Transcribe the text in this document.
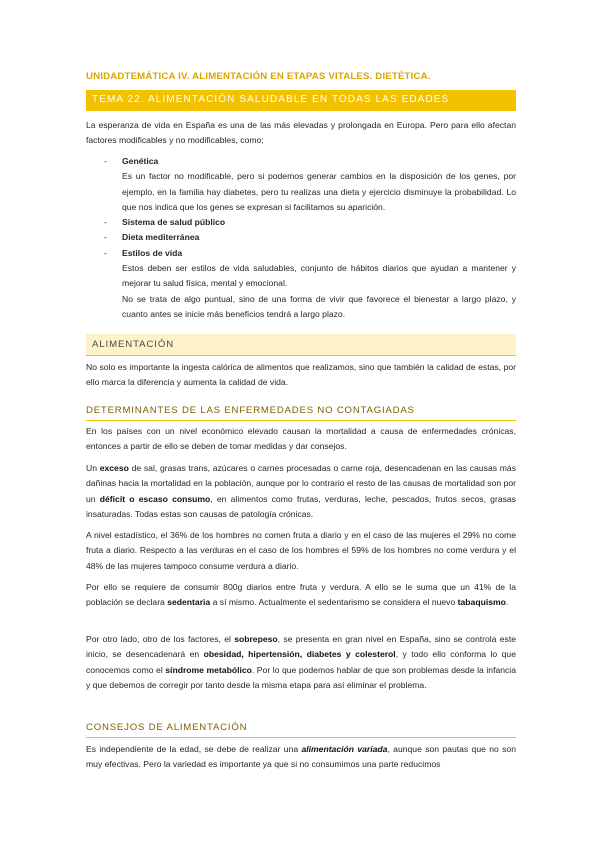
UNIDADTEMÁTICA IV. ALIMENTACIÓN EN ETAPAS VITALES. DIETÉTICA.
TEMA 22. ALIMENTACIÓN SALUDABLE EN TODAS LAS EDADES

La esperanza de vida en España es una de las más elevadas y prolongada en Europa. Pero para ello afectan factores modificables y no modificables, como;

- Genética
Es un factor no modificable, pero si podemos generar cambios en la disposición de los genes, por ejemplo, en la familia hay diabetes, pero tu realizas una dieta y ejercicio disminuye la probabilidad. Lo que nos indica que los genes se expresan si facilitamos su aparición.
- Sistema de salud público
- Dieta mediterránea
- Estilos de vida
Estos deben ser estilos de vida saludables, conjunto de hábitos diarios que ayudan a mantener y mejorar tu salud física, mental y emocional.
No se trata de algo puntual, sino de una forma de vivir que favorece el bienestar a largo plazo, y cuanto antes se inicie más beneficios tendrá a largo plazo.
ALIMENTACIÓN

No solo es importante la ingesta calórica de alimentos que realizamos, sino que también la calidad de estas, por ello marca la diferencia y aumenta la calidad de vida.

DETERMINANTES DE LAS ENFERMEDADES NO CONTAGIADAS

En los países con un nivel económico elevado causan la mortalidad a causa de enfermedades crónicas, entonces a partir de ello se deben de tomar medidas y dar consejos.

Un exceso de sal, grasas trans, azúcares o carnes procesadas o carne roja, desencadenan en las causas más dañinas hacia la mortalidad en la población, aunque por lo contrario el resto de las causas de mortalidad son por un déficit o escaso consumo, en alimentos como frutas, verduras, leche, pescados, frutos secos, grasas insaturadas. Todas estas son causas de patología crónicas.

A nivel estadístico, el 36% de los hombres no comen fruta a diario y en el caso de las mujeres el 29% no come fruta a diario. Respecto a las verduras en el caso de los hombres el 59% de los hombres no come verdura y el 48% de las mujeres tampoco consume verdura a diario.

Por ello se requiere de consumir 800g diarios entre fruta y verdura. A ello se le suma que un 41% de la población se declara sedentaria a sí mismo. Actualmente el sedentarismo se considera el nuevo tabaquismo.

Por otro lado, otro de los factores, el sobrepeso, se presenta en gran nivel en España, sino se controla este inicio, se desencadenará en obesidad, hipertensión, diabetes y colesterol, y todo ello conforma lo que conocemos como el síndrome metabólico. Por lo que podemos hablar de que son problemas desde la infancia y que debemos de corregir por tanto desde la misma etapa para así eliminar el problema.

CONSEJOS DE ALIMENTACIÓN

Es independiente de la edad, se debe de realizar una alimentación variada, aunque son pautas que no son muy efectivas. Pero la variedad es importante ya que si no consumimos una parte reducimos
